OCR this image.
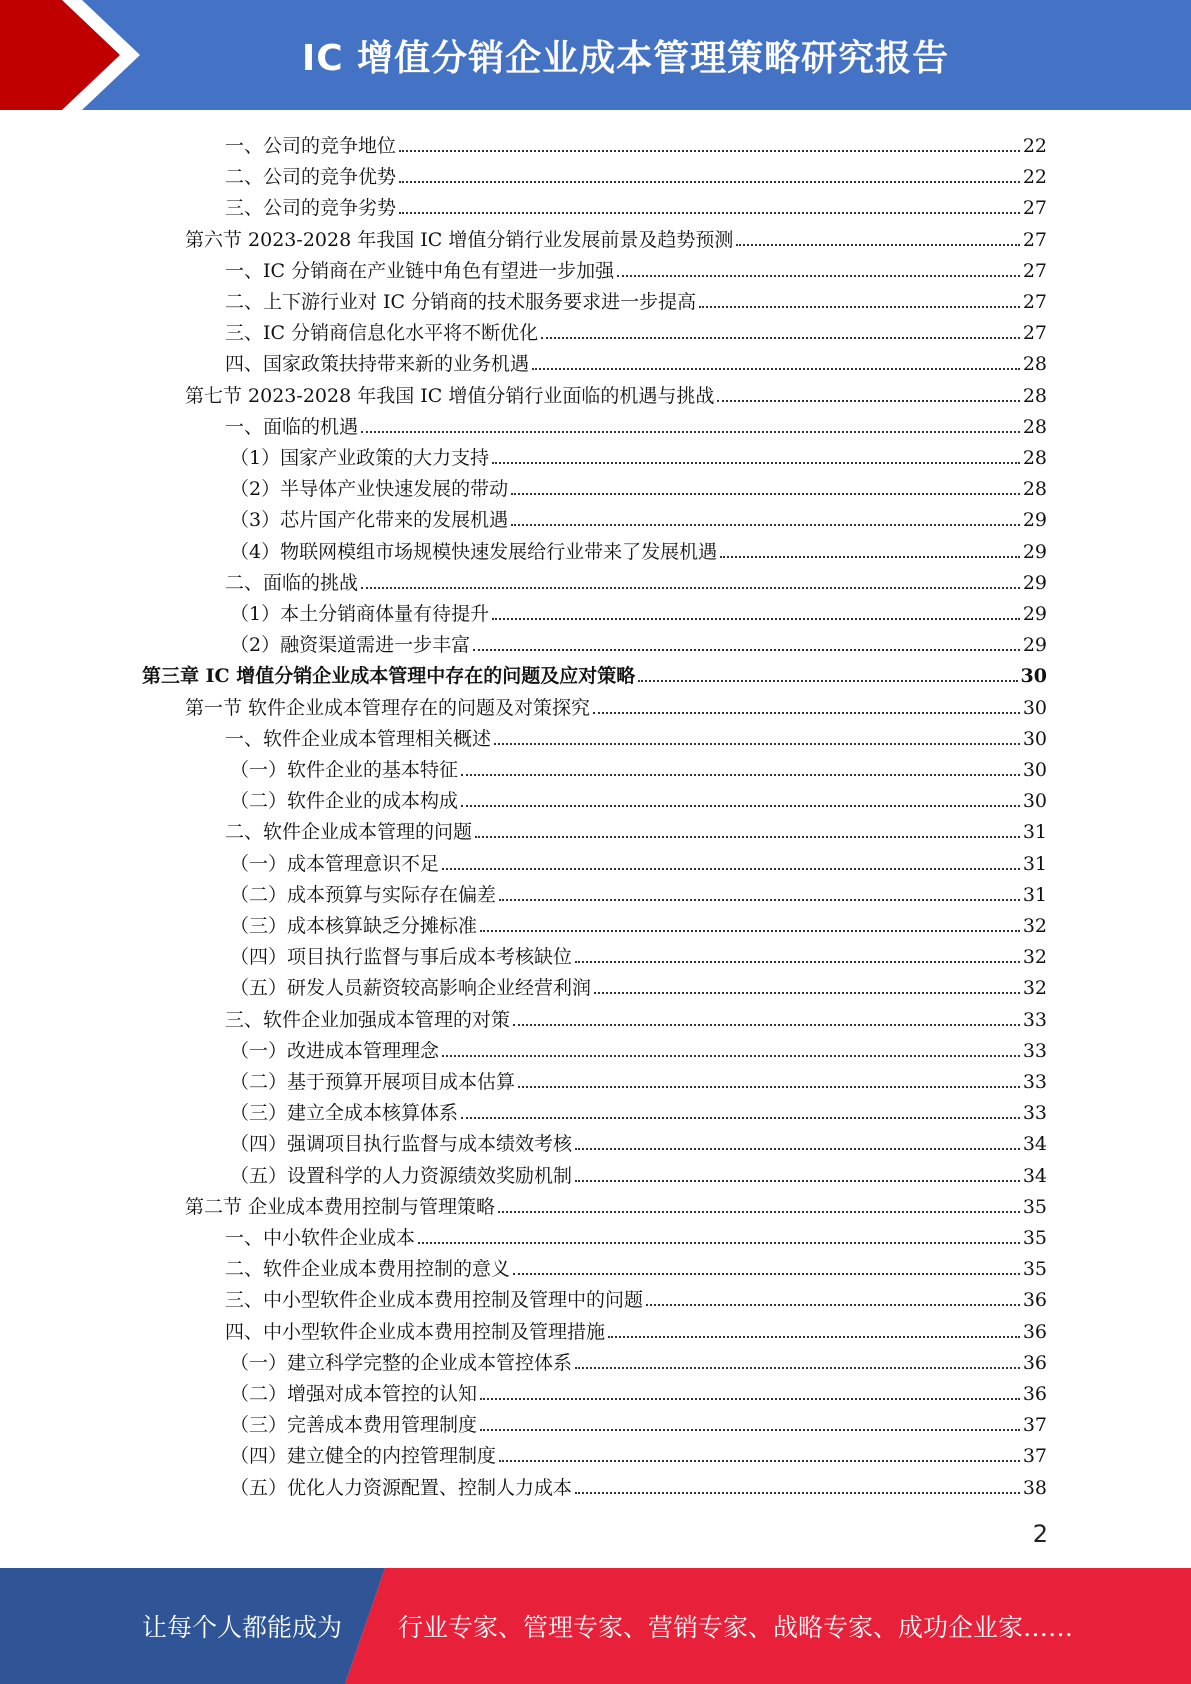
IC 增值分销企业成本管理策略研究报告
一、公司的竞争地位	22
二、公司的竞争优势	22
三、公司的竞争劣势	27
第六节 2023-2028 年我国 IC 增值分销行业发展前景及趋势预测	27
一、IC 分销商在产业链中角色有望进一步加强	27
二、上下游行业对 IC 分销商的技术服务要求进一步提高	27
三、IC 分销商信息化水平将不断优化	27
四、国家政策扶持带来新的业务机遇	28
第七节 2023-2028 年我国 IC 增值分销行业面临的机遇与挑战	28
一、面临的机遇	28
（1）国家产业政策的大力支持	28
（2）半导体产业快速发展的带动	28
（3）芯片国产化带来的发展机遇	29
（4）物联网模组市场规模快速发展给行业带来了发展机遇	29
二、面临的挑战	29
（1）本土分销商体量有待提升	29
（2）融资渠道需进一步丰富	29
第三章 IC 增值分销企业成本管理中存在的问题及应对策略	30
第一节 软件企业成本管理存在的问题及对策探究	30
一、软件企业成本管理相关概述	30
（一）软件企业的基本特征	30
（二）软件企业的成本构成	30
二、软件企业成本管理的问题	31
（一）成本管理意识不足	31
（二）成本预算与实际存在偏差	31
（三）成本核算缺乏分摊标准	32
（四）项目执行监督与事后成本考核缺位	32
（五）研发人员薪资较高影响企业经营利润	32
三、软件企业加强成本管理的对策	33
（一）改进成本管理理念	33
（二）基于预算开展项目成本估算	33
（三）建立全成本核算体系	33
（四）强调项目执行监督与成本绩效考核	34
（五）设置科学的人力资源绩效奖励机制	34
第二节 企业成本费用控制与管理策略	35
一、中小软件企业成本	35
二、软件企业成本费用控制的意义	35
三、中小型软件企业成本费用控制及管理中的问题	36
四、中小型软件企业成本费用控制及管理措施	36
（一）建立科学完整的企业成本管控体系	36
（二）增强对成本管控的认知	36
（三）完善成本费用管理制度	37
（四）建立健全的内控管理制度	37
（五）优化人力资源配置、控制人力成本	38
2
让每个人都能成为 行业专家、管理专家、营销专家、战略专家、成功企业家……
